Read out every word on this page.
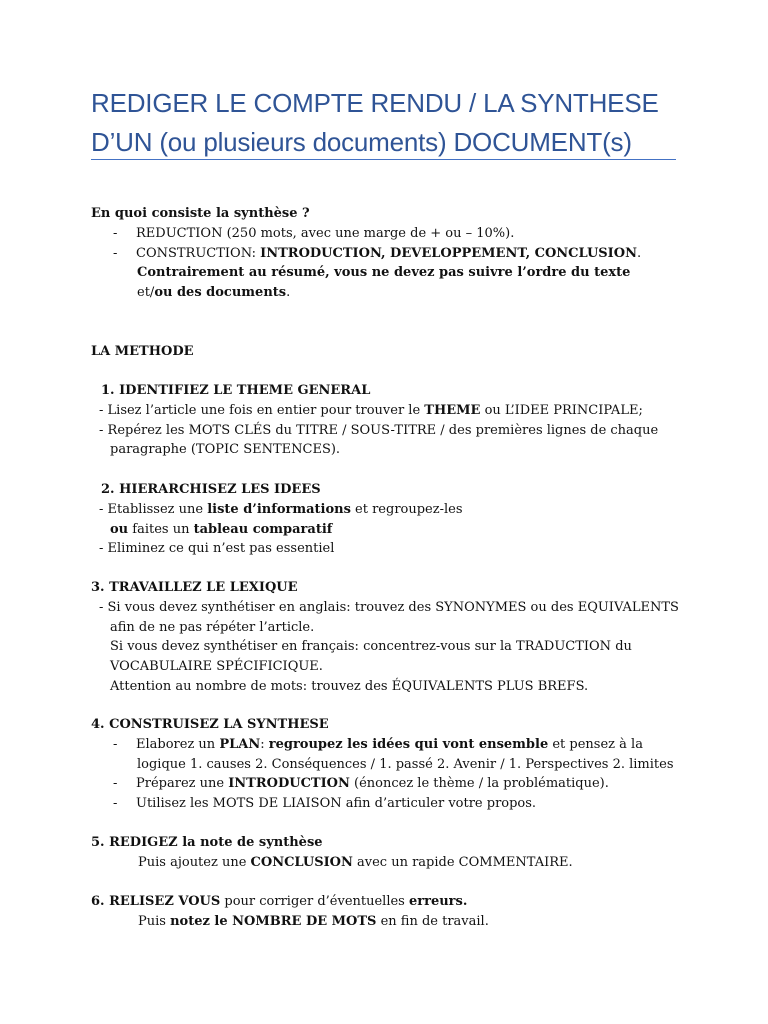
REDIGER LE COMPTE RENDU / LA SYNTHESE
D’UN (ou plusieurs documents) DOCUMENT(s)
En quoi consiste la synthèse ?
- REDUCTION (250 mots, avec une marge de + ou – 10%).
- CONSTRUCTION: INTRODUCTION, DEVELOPPEMENT, CONCLUSION.
Contrairement au résumé, vous ne devez pas suivre l’ordre du texte
et/ou des documents.
LA METHODE
1. IDENTIFIEZ LE THEME GENERAL
- Lisez l’article une fois en entier pour trouver le THEME ou L’IDEE PRINCIPALE;
- Repérez les MOTS CLÉS du TITRE / SOUS-TITRE / des premières lignes de chaque
paragraphe (TOPIC SENTENCES).
2. HIERARCHISEZ LES IDEES
- Etablissez une liste d’informations et regroupez-les
ou faites un tableau comparatif
- Eliminez ce qui n’est pas essentiel
3. TRAVAILLEZ LE LEXIQUE
- Si vous devez synthétiser en anglais: trouvez des SYNONYMES ou des EQUIVALENTS
afin de ne pas répéter l’article.
Si vous devez synthétiser en français: concentrez-vous sur la TRADUCTION du
VOCABULAIRE SPÉCIFICIQUE.
Attention au nombre de mots: trouvez des ÉQUIVALENTS PLUS BREFS.
4. CONSTRUISEZ LA SYNTHESE
- Elaborez un PLAN: regroupez les idées qui vont ensemble et pensez à la
logique 1. causes 2. Conséquences / 1. passé 2. Avenir / 1. Perspectives 2. limites
- Préparez une INTRODUCTION (énoncez le thème / la problématique).
- Utilisez les MOTS DE LIAISON afin d’articuler votre propos.
5. REDIGEZ la note de synthèse
Puis ajoutez une CONCLUSION avec un rapide COMMENTAIRE.
6. RELISEZ VOUS pour corriger d’éventuelles erreurs.
Puis notez le NOMBRE DE MOTS en fin de travail.
